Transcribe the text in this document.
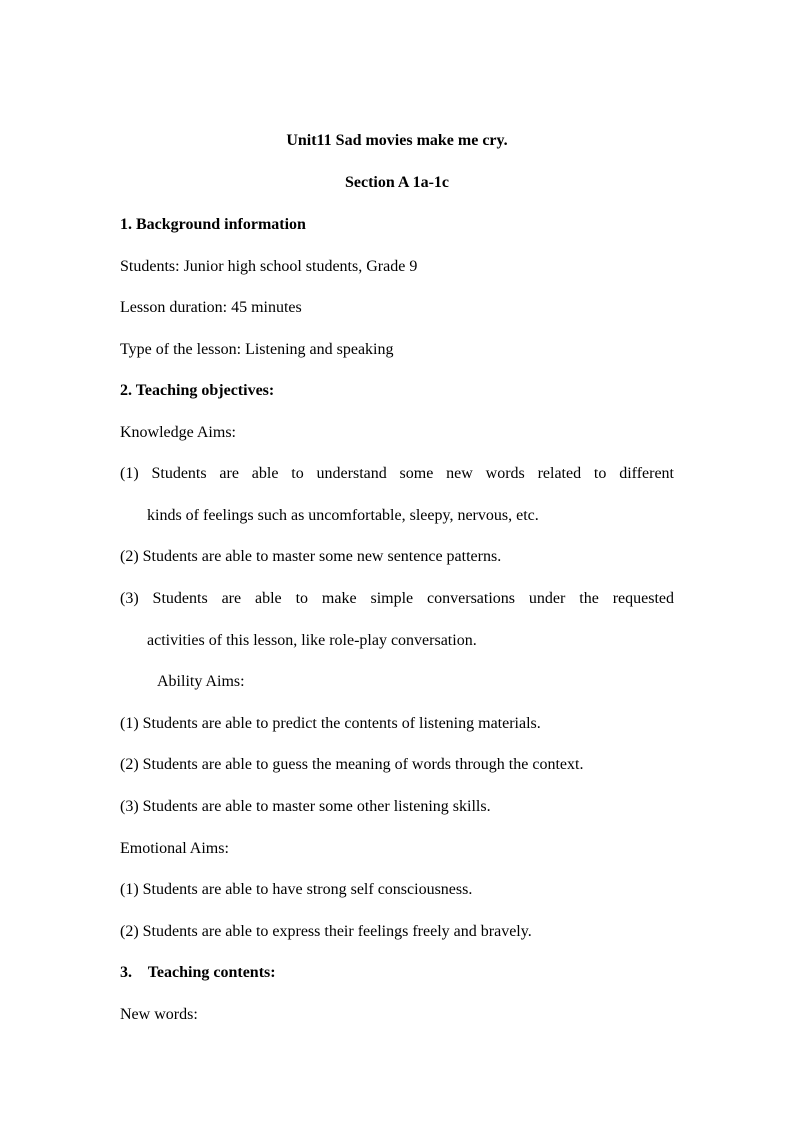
Unit11 Sad movies make me cry.
Section A 1a-1c
1. Background information
Students: Junior high school students, Grade 9
Lesson duration: 45 minutes
Type of the lesson: Listening and speaking
2. Teaching objectives:
Knowledge Aims:
(1) Students are able to understand some new words related to different
kinds of feelings such as uncomfortable, sleepy, nervous, etc.
(2) Students are able to master some new sentence patterns.
(3) Students are able to make simple conversations under the requested
activities of this lesson, like role-play conversation.
Ability Aims:
(1) Students are able to predict the contents of listening materials.
(2) Students are able to guess the meaning of words through the context.
(3) Students are able to master some other listening skills.
Emotional Aims:
(1) Students are able to have strong self consciousness.
(2) Students are able to express their feelings freely and bravely.
3.    Teaching contents:
New words:
